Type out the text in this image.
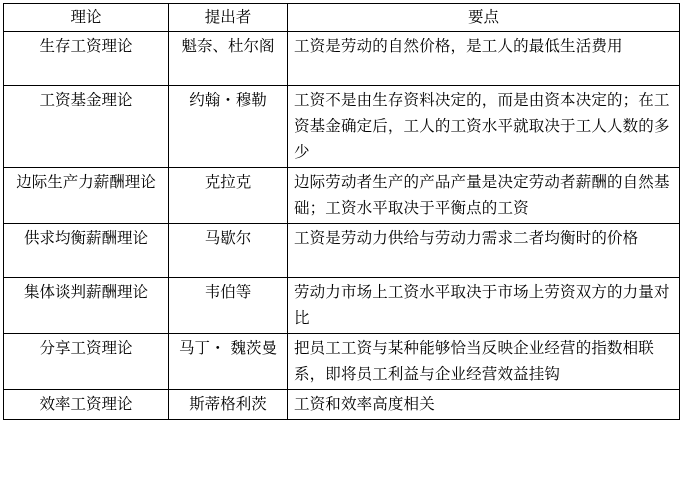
理论	提出者	要点
生存工资理论	魁奈、杜尔阁	工资是劳动的自然价格，是工人的最低生活费用
工资基金理论	约翰・穆勒	工资不是由生存资料决定的，而是由资本决定的；在工资基金确定后，工人的工资水平就取决于工人人数的多少
边际生产力薪酬理论	克拉克	边际劳动者生产的产品产量是决定劳动者薪酬的自然基础；工资水平取决于平衡点的工资
供求均衡薪酬理论	马歇尔	工资是劳动力供给与劳动力需求二者均衡时的价格
集体谈判薪酬理论	韦伯等	劳动力市场上工资水平取决于市场上劳资双方的力量对比
分享工资理论	马丁・ 魏茨曼	把员工工资与某种能够恰当反映企业经营的指数相联系，即将员工利益与企业经营效益挂钩
效率工资理论	斯蒂格利茨	工资和效率高度相关
